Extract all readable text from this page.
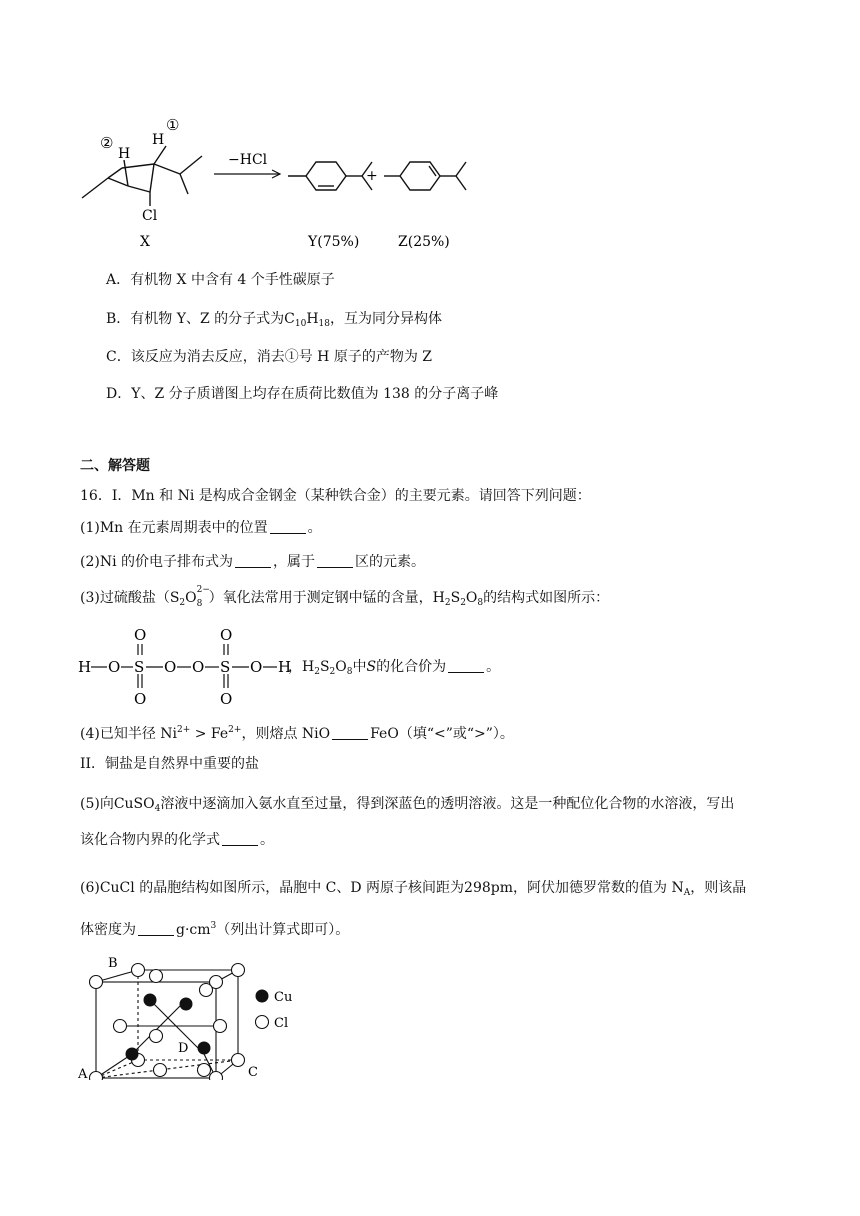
①
H
②
H
Cl
X
−HCl
+
Y(75%)	Z(25%)
A．有机物 X 中含有 4 个手性碳原子
B．有机物 Y、Z 的分子式为$C_{10}H_{18}$，互为同分异构体
C．该反应为消去反应，消去①号 H 原子的产物为 Z
D．Y、Z 分子质谱图上均存在质荷比数值为 138 的分子离子峰
二、解答题
16．I．Mn 和 Ni 是构成合金钢金（某种铁合金）的主要元素。请回答下列问题：
(1)Mn 在元素周期表中的位置	。
(2)Ni 的价电子排布式为	，属于	区的元素。
(3)过硫酸盐（$S_2O$ 2−
8 ）氧化法常用于测定钢中锰的含量，$H_2S_2O_8$的结构式如图所示：
H O S O O S O H
O
O
O
O
，$H_2S_2O_8$中S的化合价为	。
(4)已知半径 $Ni^{2+} > Fe^{2+}$，则熔点 NiO	FeO（填“<”或“>”）。
II．铜盐是自然界中重要的盐
(5)向CuSO$_4$溶液中逐滴加入氨水直至过量，得到深蓝色的透明溶液。这是一种配位化合物的水溶液，写出
该化合物内界的化学式	。
(6)CuCl 的晶胞结构如图所示，晶胞中 C、D 两原子核间距为298pm，阿伏加德罗常数的值为 $N_A$，则该晶
体密度为	$g\cdot cm^3$（列出计算式即可）。
B
A	C
D
Cu
Cl
